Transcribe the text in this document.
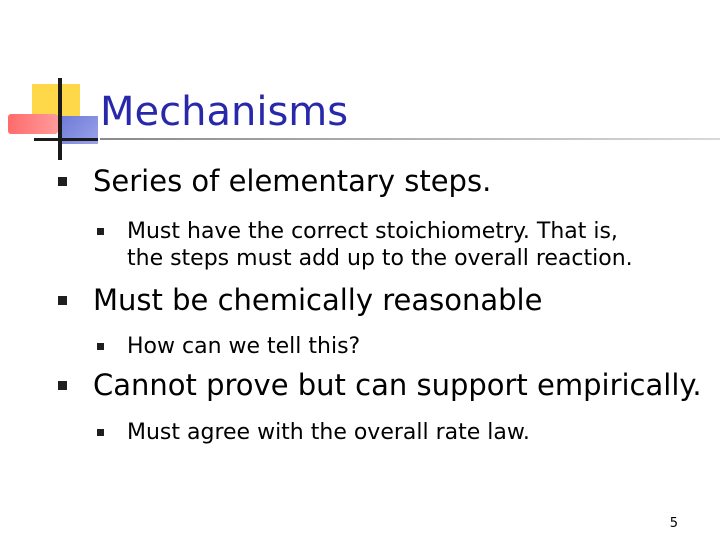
Mechanisms
Series of elementary steps.
Must have the correct stoichiometry. That is,
the steps must add up to the overall reaction.
Must be chemically reasonable
How can we tell this?
Cannot prove but can support empirically.
Must agree with the overall rate law.
5
